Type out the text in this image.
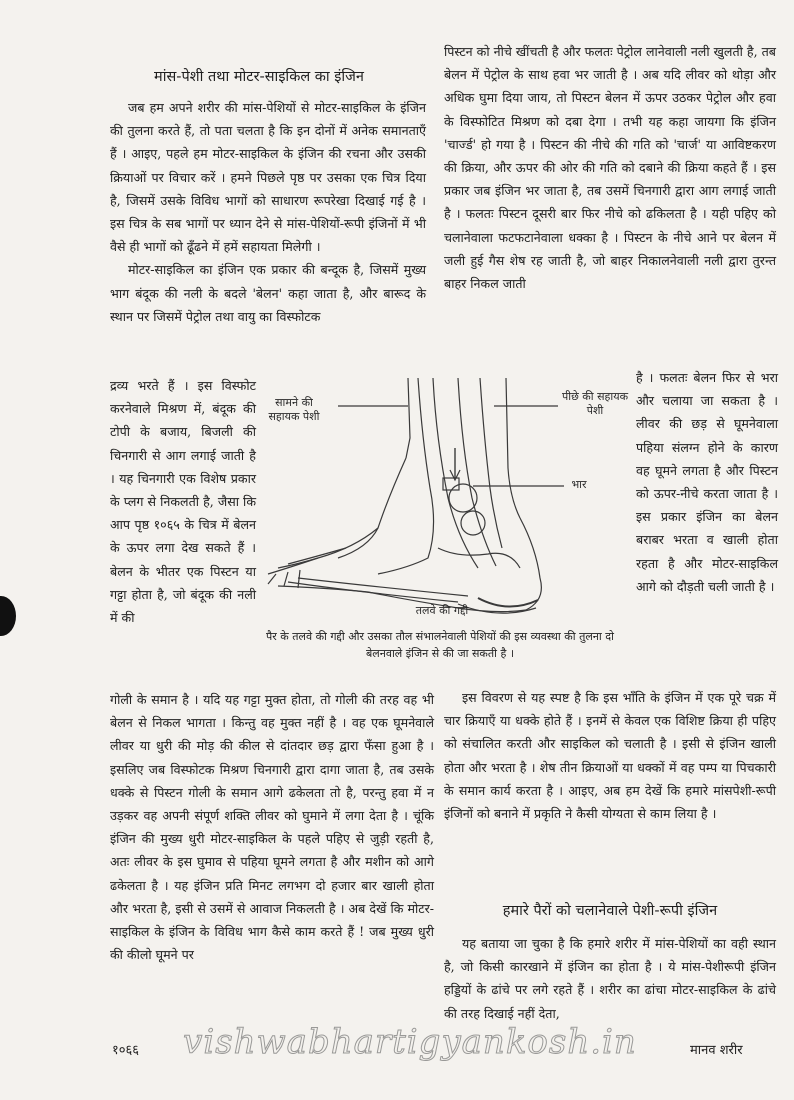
मांस-पेशी तथा मोटर-साइकिल का इंजिन

जब हम अपने शरीर की मांस-पेशियों से मोटर-साइकिल के इंजिन की तुलना करते हैं, तो पता चलता है कि इन दोनों में अनेक समानताएँ हैं । आइए, पहले हम मोटर-साइकिल के इंजिन की रचना और उसकी क्रियाओं पर विचार करें । हमने पिछले पृष्ठ पर उसका एक चित्र दिया है, जिसमें उसके विविध भागों को साधारण रूपरेखा दिखाई गई है । इस चित्र के सब भागों पर ध्यान देने से मांस-पेशियों-रूपी इंजिनों में भी वैसे ही भागों को ढूँढने में हमें सहायता मिलेगी ।

मोटर-साइकिल का इंजिन एक प्रकार की बन्दूक है, जिसमें मुख्य भाग बंदूक की नली के बदले 'बेलन' कहा जाता है, और बारूद के स्थान पर जिसमें पेट्रोल तथा वायु का विस्फोटक

द्रव्य भरते हैं । इस विस्फोट करनेवाले मिश्रण में, बंदूक की टोपी के बजाय, बिजली की चिनगारी से आग लगाई जाती है । यह चिनगारी एक विशेष प्रकार के प्लग से निकलती है, जैसा कि आप पृष्ठ १०६५ के चित्र में बेलन के ऊपर लगा देख सकते हैं । बेलन के भीतर एक पिस्टन या गट्टा होता है, जो बंदूक की नली में की

गोली के समान है । यदि यह गट्टा मुक्त होता, तो गोली की तरह वह भी बेलन से निकल भागता । किन्तु वह मुक्त नहीं है । वह एक घूमनेवाले लीवर या धुरी की मोड़ की कील से दांतदार छड़ द्वारा फँसा हुआ है । इसलिए जब विस्फोटक मिश्रण चिनगारी द्वारा दागा जाता है, तब उसके धक्के से पिस्टन गोली के समान आगे ढकेलता तो है, परन्तु हवा में न उड़कर वह अपनी संपूर्ण शक्ति लीवर को घुमाने में लगा देता है । चूंकि इंजिन की मुख्य धुरी मोटर-साइकिल के पहले पहिए से जुड़ी रहती है, अतः लीवर के इस घुमाव से पहिया घूमने लगता है और मशीन को आगे ढकेलता है । यह इंजिन प्रति मिनट लगभग दो हजार बार खाली होता और भरता है, इसी से उसमें से आवाज निकलती है । अब देखें कि मोटर-साइकिल के इंजिन के विविध भाग कैसे काम करते हैं ! जब मुख्य धुरी की कीलो घूमने पर

पिस्टन को नीचे खींचती है और फलतः पेट्रोल लानेवाली नली खुलती है, तब बेलन में पेट्रोल के साथ हवा भर जाती है । अब यदि लीवर को थोड़ा और अधिक घुमा दिया जाय, तो पिस्टन बेलन में ऊपर उठकर पेट्रोल और हवा के विस्फोटित मिश्रण को दबा देगा । तभी यह कहा जायगा कि इंजिन 'चार्ज्ड' हो गया है । पिस्टन की नीचे की गति को 'चार्ज' या आविष्टकरण की क्रिया, और ऊपर की ओर की गति को दबाने की क्रिया कहते हैं । इस प्रकार जब इंजिन भर जाता है, तब उसमें चिनगारी द्वारा आग लगाई जाती है । फलतः पिस्टन दूसरी बार फिर नीचे को ढकिलता है । यही पहिए को चलानेवाला फटफटानेवाला धक्का है । पिस्टन के नीचे आने पर बेलन में जली हुई गैस शेष रह जाती है, जो बाहर निकालनेवाली नली द्वारा तुरन्त बाहर निकल जाती

है । फलतः बेलन फिर से भरा और चलाया जा सकता है । लीवर की छड़ से घूमनेवाला पहिया संलग्न होने के कारण वह घूमने लगता है और पिस्टन को ऊपर-नीचे करता जाता है । इस प्रकार इंजिन का बेलन बराबर भरता व खाली होता रहता है और मोटर-साइकिल आगे को दौड़ती चली जाती है ।

इस विवरण से यह स्पष्ट है कि इस भाँति के इंजिन में एक पूरे चक्र में चार क्रियाएँ या धक्के होते हैं । इनमें से केवल एक विशिष्ट क्रिया ही पहिए को संचालित करती और साइकिल को चलाती है । इसी से इंजिन खाली होता और भरता है । शेष तीन क्रियाओं या धक्कों में वह पम्प या पिचकारी के समान कार्य करता है । आइए, अब हम देखें कि हमारे मांसपेशी-रूपी इंजिनों को बनाने में प्रकृति ने कैसी योग्यता से काम लिया है ।

हमारे पैरों को चलानेवाले पेशी-रूपी इंजिन

यह बताया जा चुका है कि हमारे शरीर में मांस-पेशियों का वही स्थान है, जो किसी कारखाने में इंजिन का होता है । ये मांस-पेशीरूपी इंजिन हड्डियों के ढांचे पर लगे रहते हैं । शरीर का ढांचा मोटर-साइकिल के ढांचे की तरह दिखाई नहीं देता,

सामने की सहायक पेशी
पीछे की सहायक पेशी
भार
तलवे की गद्दी
पैर के तलवे की गद्दी और उसका तौल संभालनेवाली पेशियों की इस व्यवस्था की तुलना दो बेलनवाले इंजिन से की जा सकती है ।
vishwabhartigyankosh.in
१०६६	मानव शरीर
